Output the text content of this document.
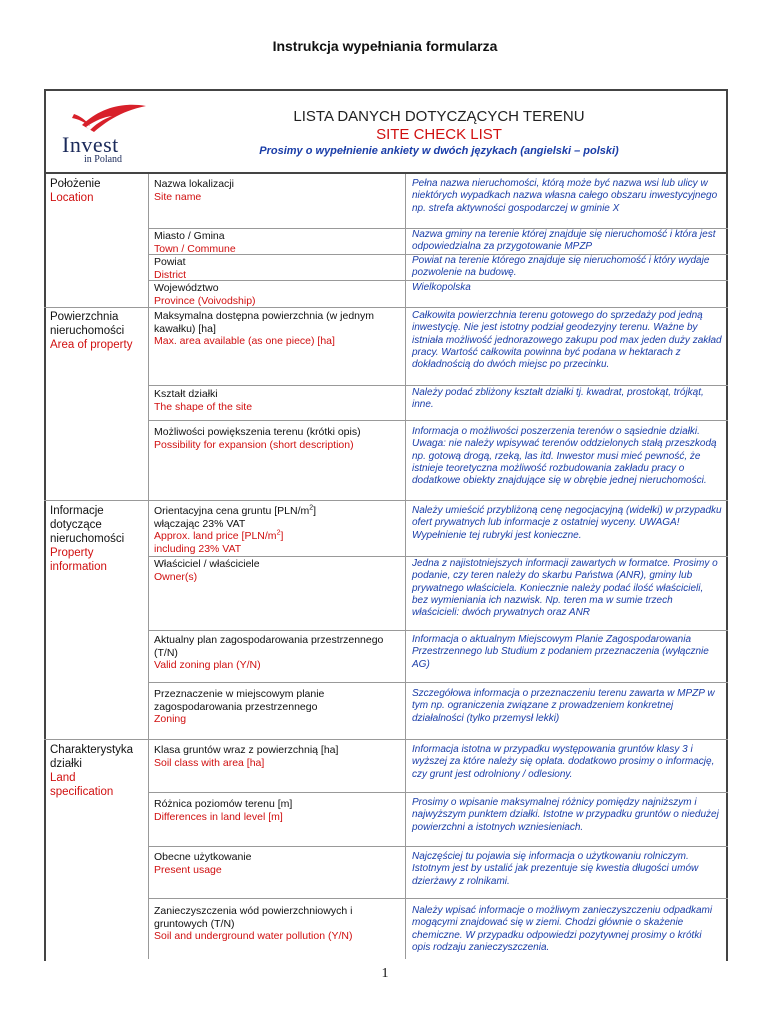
Instrukcja wypełniania formularza
Invest
in Poland
LISTA DANYCH DOTYCZĄCYCH TERENU
SITE CHECK LIST
Prosimy o wypełnienie ankiety w dwóch językach (angielski – polski)
Położenie
Location
Powierzchnia
nieruchomości
Area of property
Informacje
dotyczące
nieruchomości
Property
information
Charakterystyka
działki
Land
specification
Nazwa lokalizacji
Site name
Pełna nazwa nieruchomości, którą może być nazwa wsi lub ulicy w niektórych wypadkach nazwa własna całego obszaru inwestycyjnego np. strefa aktywności gospodarczej w gminie X
Miasto / Gmina
Town / Commune
Nazwa gminy na terenie której znajduje się nieruchomość i która jest odpowiedzialna za przygotowanie MPZP
Powiat
District
Powiat na terenie którego znajduje się nieruchomość i który wydaje pozwolenie na budowę.
Województwo
Province (Voivodship)
Wielkopolska
Maksymalna dostępna powierzchnia (w jednym kawałku) [ha]
Max. area available (as one piece) [ha]
Całkowita powierzchnia terenu gotowego do sprzedaży pod jedną inwestycję. Nie jest istotny podział geodezyjny terenu. Ważne by istniała możliwość jednorazowego zakupu pod max jeden duży zakład pracy. Wartość całkowita powinna być podana w hektarach z dokładnością do dwóch miejsc po przecinku.
Kształt działki
The shape of the site
Należy podać zbliżony kształt działki tj. kwadrat, prostokąt, trójkąt, inne.
Możliwości powiększenia terenu (krótki opis)
Possibility for expansion (short description)
Informacja o możliwości poszerzenia terenów o sąsiednie działki. Uwaga: nie należy wpisywać terenów oddzielonych stałą przeszkodą np. gotową drogą, rzeką, las itd. Inwestor musi mieć pewność, że istnieje teoretyczna możliwość rozbudowania zakładu pracy o dodatkowe obiekty znajdujące się w obrębie jednej nieruchomości.
Orientacyjna cena gruntu $[PLN/m^2]$
włączając 23% VAT
Approx. land price $[PLN/m^2]$
including 23% VAT
Należy umieścić przybliżoną cenę negocjacyjną (widełki) w przypadku ofert prywatnych lub informacje z ostatniej wyceny. UWAGA! Wypełnienie tej rubryki jest konieczne.
Właściciel / właściciele
Owner(s)
Jedna z najistotniejszych informacji zawartych w formatce. Prosimy o podanie, czy teren należy do skarbu Państwa (ANR), gminy lub prywatnego właściciela. Koniecznie należy podać ilość właścicieli, bez wymieniania ich nazwisk. Np. teren ma w sumie trzech właścicieli: dwóch prywatnych oraz ANR
Aktualny plan zagospodarowania przestrzennego (T/N)
Valid zoning plan (Y/N)
Informacja o aktualnym Miejscowym Planie Zagospodarowania Przestrzennego lub Studium z podaniem przeznaczenia (wyłącznie AG)
Przeznaczenie w miejscowym planie zagospodarowania przestrzennego
Zoning
Szczegółowa informacja o przeznaczeniu terenu zawarta w MPZP w tym np. ograniczenia związane z prowadzeniem konkretnej działalności (tylko przemysł lekki)
Klasa gruntów wraz z powierzchnią [ha]
Soil class with area [ha]
Informacja istotna w przypadku występowania gruntów klasy 3 i wyższej za które należy się opłata. dodatkowo prosimy o informację, czy grunt jest odrolniony / odlesiony.
Różnica poziomów terenu [m]
Differences in land level [m]
Prosimy o wpisanie maksymalnej różnicy pomiędzy najniższym i najwyższym punktem działki. Istotne w przypadku gruntów o niedużej powierzchni a istotnych wzniesieniach.
Obecne użytkowanie
Present usage
Najczęściej tu pojawia się informacja o użytkowaniu rolniczym. Istotnym jest by ustalić jak prezentuje się kwestia długości umów dzierżawy z rolnikami.
Zanieczyszczenia wód powierzchniowych i gruntowych (T/N)
Soil and underground water pollution (Y/N)
Należy wpisać informacje o możliwym zanieczyszczeniu odpadkami mogącymi znajdować się w ziemi. Chodzi głównie o skażenie chemiczne. W przypadku odpowiedzi pozytywnej prosimy o krótki opis rodzaju zanieczyszczenia.
1
